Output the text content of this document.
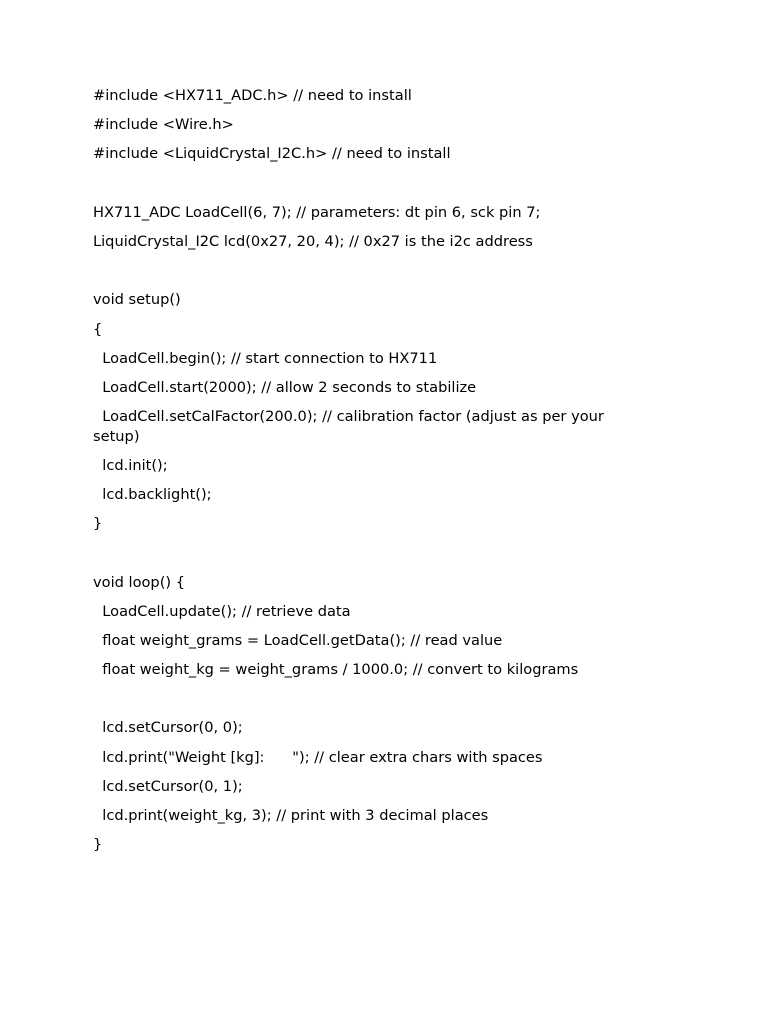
#include <HX711_ADC.h> // need to install
#include <Wire.h>
#include <LiquidCrystal_I2C.h> // need to install
HX711_ADC LoadCell(6, 7); // parameters: dt pin 6, sck pin 7;
LiquidCrystal_I2C lcd(0x27, 20, 4); // 0x27 is the i2c address
void setup()
{
LoadCell.begin(); // start connection to HX711
LoadCell.start(2000); // allow 2 seconds to stabilize
LoadCell.setCalFactor(200.0); // calibration factor (adjust as per your setup)
lcd.init();
lcd.backlight();
}
void loop() {
LoadCell.update(); // retrieve data
float weight_grams = LoadCell.getData(); // read value
float weight_kg = weight_grams / 1000.0; // convert to kilograms
lcd.setCursor(0, 0);
lcd.print("Weight [kg]:      "); // clear extra chars with spaces
lcd.setCursor(0, 1);
lcd.print(weight_kg, 3); // print with 3 decimal places
}
